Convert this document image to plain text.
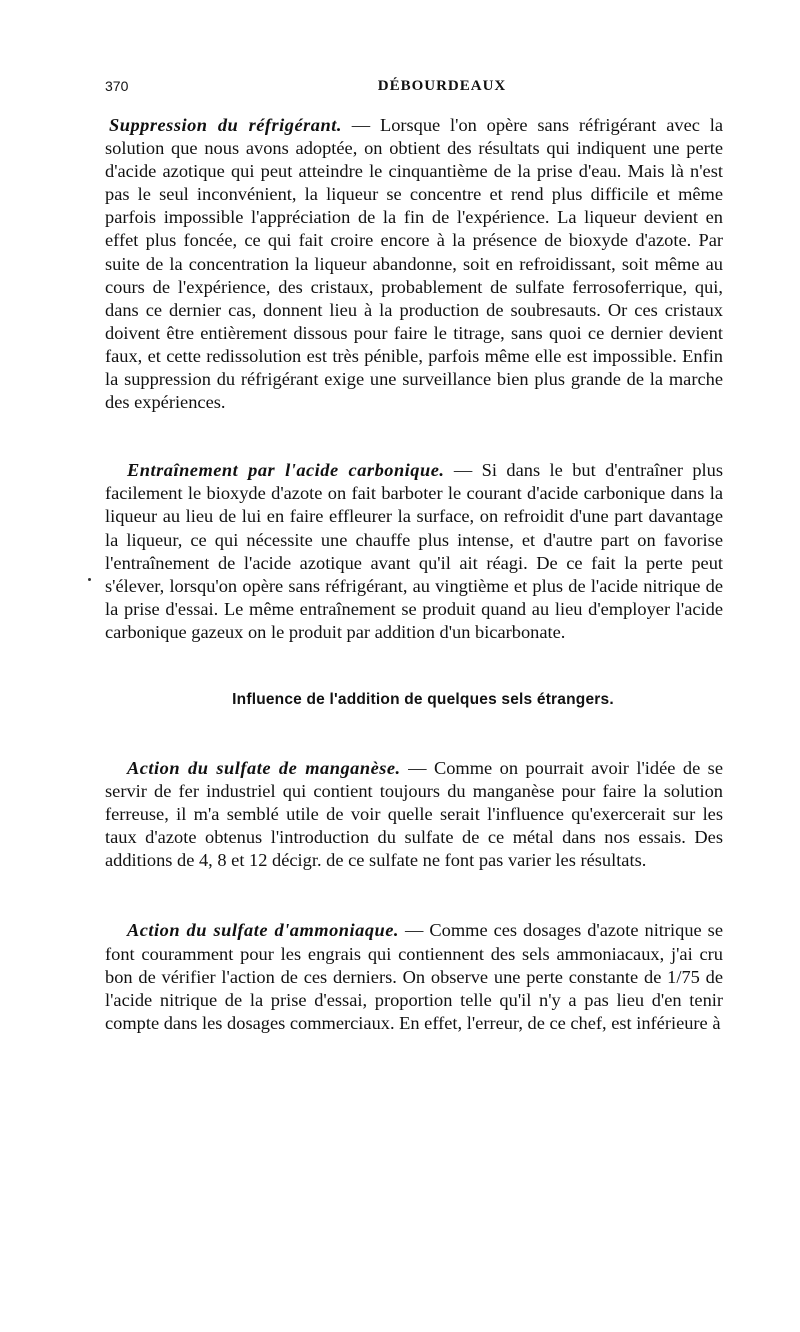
370	DÉBOURDEAUX

Suppression du réfrigérant. — Lorsque l'on opère sans réfrigérant avec la solution que nous avons adoptée, on obtient des résultats qui indiquent une perte d'acide azotique qui peut atteindre le cinquantième de la prise d'eau. Mais là n'est pas le seul inconvénient, la liqueur se concentre et rend plus difficile et même parfois impossible l'appréciation de la fin de l'expérience. La liqueur devient en effet plus foncée, ce qui fait croire encore à la présence de bioxyde d'azote. Par suite de la concentration la liqueur abandonne, soit en refroidissant, soit même au cours de l'expérience, des cristaux, probablement de sulfate ferrosoferrique, qui, dans ce dernier cas, donnent lieu à la production de soubresauts. Or ces cristaux doivent être entièrement dissous pour faire le titrage, sans quoi ce dernier devient faux, et cette redissolution est très pénible, parfois même elle est impossible. Enfin la suppression du réfrigérant exige une surveillance bien plus grande de la marche des expériences.

Entraînement par l'acide carbonique. — Si dans le but d'entraîner plus facilement le bioxyde d'azote on fait barboter le courant d'acide carbonique dans la liqueur au lieu de lui en faire effleurer la surface, on refroidit d'une part davantage la liqueur, ce qui nécessite une chauffe plus intense, et d'autre part on favorise l'entraînement de l'acide azotique avant qu'il ait réagi. De ce fait la perte peut s'élever, lorsqu'on opère sans réfrigérant, au vingtième et plus de l'acide nitrique de la prise d'essai. Le même entraînement se produit quand au lieu d'employer l'acide carbonique gazeux on le produit par addition d'un bicarbonate.

Influence de l'addition de quelques sels étrangers.

Action du sulfate de manganèse. — Comme on pourrait avoir l'idée de se servir de fer industriel qui contient toujours du manganèse pour faire la solution ferreuse, il m'a semblé utile de voir quelle serait l'influence qu'exercerait sur les taux d'azote obtenus l'introduction du sulfate de ce métal dans nos essais. Des additions de 4, 8 et 12 décigr. de ce sulfate ne font pas varier les résultats.

Action du sulfate d'ammoniaque. — Comme ces dosages d'azote nitrique se font couramment pour les engrais qui contiennent des sels ammoniacaux, j'ai cru bon de vérifier l'action de ces derniers. On observe une perte constante de 1/75 de l'acide nitrique de la prise d'essai, proportion telle qu'il n'y a pas lieu d'en tenir compte dans les dosages commerciaux. En effet, l'erreur, de ce chef, est inférieure à
